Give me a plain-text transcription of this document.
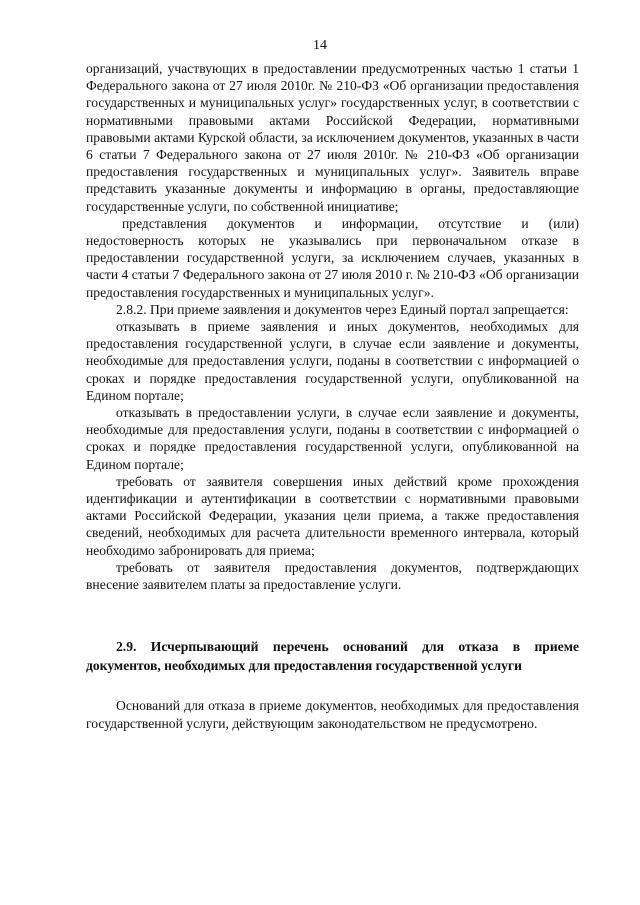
14

организаций, участвующих в предоставлении предусмотренных частью 1 статьи 1 Федерального закона от 27 июля 2010г. № 210-ФЗ «Об организации предоставления государственных и муниципальных услуг» государственных услуг, в соответствии с нормативными правовыми актами Российской Федерации, нормативными правовыми актами Курской области, за исключением документов, указанных в части 6 статьи 7 Федерального закона от 27 июля 2010г. № 210-ФЗ «Об организации предоставления государственных и муниципальных услуг». Заявитель вправе представить указанные документы и информацию в органы, предоставляющие государственные услуги, по собственной инициативе;

представления документов и информации, отсутствие и (или) недостоверность которых не указывались при первоначальном отказе в предоставлении государственной услуги, за исключением случаев, указанных в части 4 статьи 7 Федерального закона от 27 июля 2010 г. № 210-ФЗ «Об организации предоставления государственных и муниципальных услуг».

2.8.2. При приеме заявления и документов через Единый портал запрещается:

отказывать в приеме заявления и иных документов, необходимых для предоставления государственной услуги, в случае если заявление и документы, необходимые для предоставления услуги, поданы в соответствии с информацией о сроках и порядке предоставления государственной услуги, опубликованной на Едином портале;

отказывать в предоставлении услуги, в случае если заявление и документы, необходимые для предоставления услуги, поданы в соответствии с информацией о сроках и порядке предоставления государственной услуги, опубликованной на Едином портале;

требовать от заявителя совершения иных действий кроме прохождения идентификации и аутентификации в соответствии с нормативными правовыми актами Российской Федерации, указания цели приема, а также предоставления сведений, необходимых для расчета длительности временного интервала, который необходимо забронировать для приема;

требовать от заявителя предоставления документов, подтверждающих внесение заявителем платы за предоставление услуги.

2.9. Исчерпывающий перечень оснований для отказа в приеме документов, необходимых для предоставления государственной услуги

Оснований для отказа в приеме документов, необходимых для предоставления государственной услуги, действующим законодательством не предусмотрено.
